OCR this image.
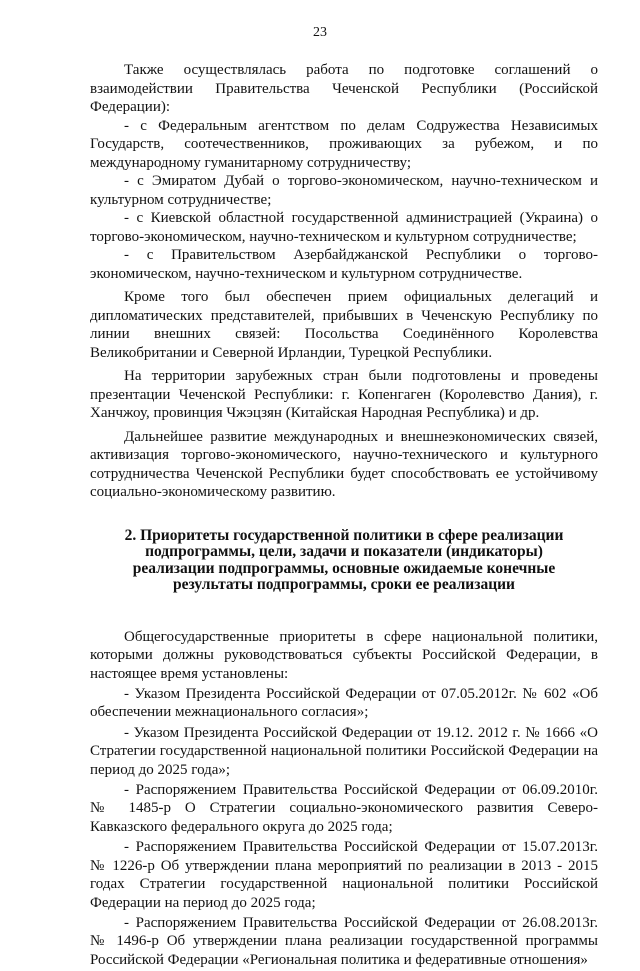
23

Также осуществлялась работа по подготовке соглашений о взаимодействии Правительства Чеченской Республики (Российской Федерации):

- с Федеральным агентством по делам Содружества Независимых Государств, соотечественников, проживающих за рубежом, и по международному гуманитарному сотрудничеству;

- с Эмиратом Дубай о торгово-экономическом, научно-техническом и культурном сотрудничестве;

- с Киевской областной государственной администрацией (Украина) о торгово-экономическом, научно-техническом и культурном сотрудничестве;

- с Правительством Азербайджанской Республики о торгово-экономическом, научно-техническом и культурном сотрудничестве.

Кроме того был обеспечен прием официальных делегаций и дипломатических представителей, прибывших в Чеченскую Республику по линии внешних связей: Посольства Соединённого Королевства Великобритании и Северной Ирландии, Турецкой Республики.

На территории зарубежных стран были подготовлены и проведены презентации Чеченской Республики: г. Копенгаген (Королевство Дания), г. Ханчжоу, провинция Чжэцзян (Китайская Народная Республика) и др.

Дальнейшее развитие международных и внешнеэкономических связей, активизация торгово-экономического, научно-технического и культурного сотрудничества Чеченской Республики будет способствовать ее устойчивому социально-экономическому развитию.

2. Приоритеты государственной политики в сфере реализации подпрограммы, цели, задачи и показатели (индикаторы) реализации подпрограммы, основные ожидаемые конечные результаты подпрограммы, сроки ее реализации

Общегосударственные приоритеты в сфере национальной политики, которыми должны руководствоваться субъекты Российской Федерации, в настоящее время установлены:

- Указом Президента Российской Федерации от 07.05.2012г. № 602 «Об обеспечении межнационального согласия»;

- Указом Президента Российской Федерации от 19.12. 2012 г. № 1666 «О Стратегии государственной национальной политики Российской Федерации на период до 2025 года»;

- Распоряжением Правительства Российской Федерации от 06.09.2010г. № 1485-р О Стратегии социально-экономического развития Северо-Кавказского федерального округа до 2025 года;

- Распоряжением Правительства Российской Федерации от 15.07.2013г. № 1226-р Об утверждении плана мероприятий по реализации в 2013 - 2015 годах Стратегии государственной национальной политики Российской Федерации на период до 2025 года;

- Распоряжением Правительства Российской Федерации от 26.08.2013г. № 1496-р Об утверждении плана реализации государственной программы Российской Федерации «Региональная политика и федеративные отношения»
